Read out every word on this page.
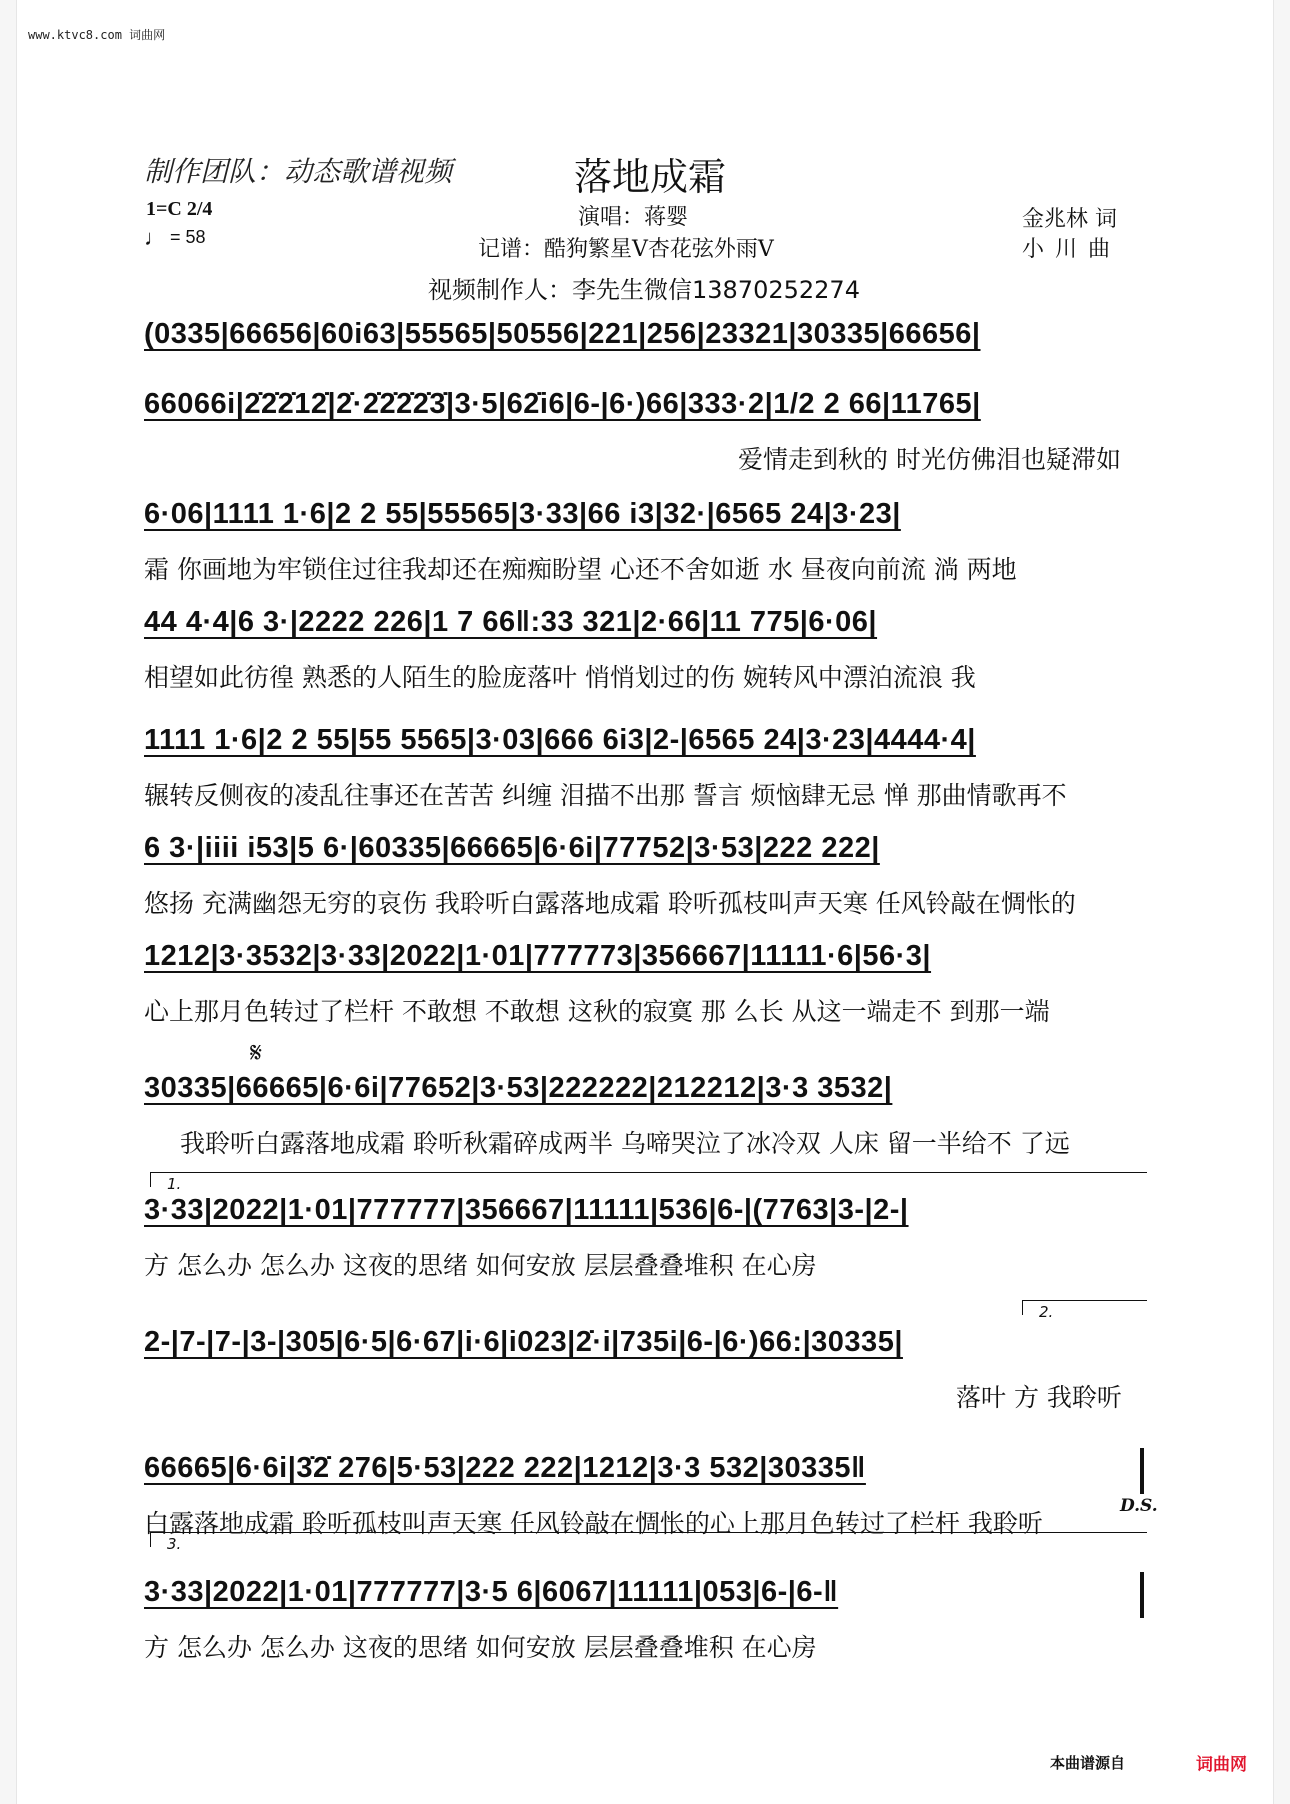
www.ktvc8.com 词曲网
制作团队：动态歌谱视频	落地成霜
1=C 2/4
♩ = 58
演唱：蒋婴	金兆林 词
小 川 曲
记谱：酷狗繁星V杏花弦外雨V
视频制作人：李先生微信13870252274
(0335|66656|60i63|55565|50556|221|256|23321|30335|66656|
66066i|2̇2̇2̇12̇|2̇·2̇2̇2̇2̇3̇|3·5|62̇i6|6-|6·)66|333·2|1/2 2 66|11765|
爱情走到秋的 时光仿佛泪也疑滞如
6·06|1111 1·6|2 2 55|55565|3·33|66 i3|32·|6565 24|3·23|
霜 你画地为牢锁住过往我却还在痴痴盼望 心还不舍如逝 水 昼夜向前流 淌 两地
44 4·4|6 3·|2222 226|1 7 66‖:33 321|2·66|11 775|6·06|
相望如此彷徨 熟悉的人陌生的脸庞落叶 悄悄划过的伤 婉转风中漂泊流浪 我
1111 1·6|2 2 55|55 5565|3·03|666 6i3|2-|6565 24|3·23|4444·4|
辗转反侧夜的凌乱往事还在苦苦 纠缠 泪描不出那 誓言 烦恼肆无忌 惮 那曲情歌再不
6 3·|iiii i53|5 6·|60335|66665|6·6i|77752|3·53|222 222|
悠扬 充满幽怨无穷的哀伤 我聆听白露落地成霜 聆听孤枝叫声天寒 任风铃敲在惆怅的
1212|3·3532|3·33|2022|1·01|777773|356667|11111·6|56·3|
心上那月色转过了栏杆 不敢想 不敢想 这秋的寂寞 那 么长 从这一端走不 到那一端
𝄋
30335|66665|6·6i|77652|3·53|222222|212212|3·3 3532|
我聆听白露落地成霜 聆听秋霜碎成两半 乌啼哭泣了冰冷双 人床 留一半给不 了远
1.
3·33|2022|1·01|777777|356667|11111|536|6-|(7763|3-|2-|
方 怎么办 怎么办 这夜的思绪 如何安放 层层叠叠堆积 在心房
2.
2-|7-|7-|3-|305|6·5|6·67|i·6|i023|2̇·i|735i|6-|6·)66:|30335|
落叶 方 我聆听
66665|6·6i|3̇2̇ 276|5·53|222 222|1212|3·3 532|30335‖
白露落地成霜 聆听孤枝叫声天寒 任风铃敲在惆怅的心上那月色转过了栏杆 我聆听
D.S.
3.
3·33|2022|1·01|777777|3·5 6|6067|11111|053|6-|6-‖
方 怎么办 怎么办 这夜的思绪 如何安放 层层叠叠堆积 在心房
本曲谱源自	词曲网
